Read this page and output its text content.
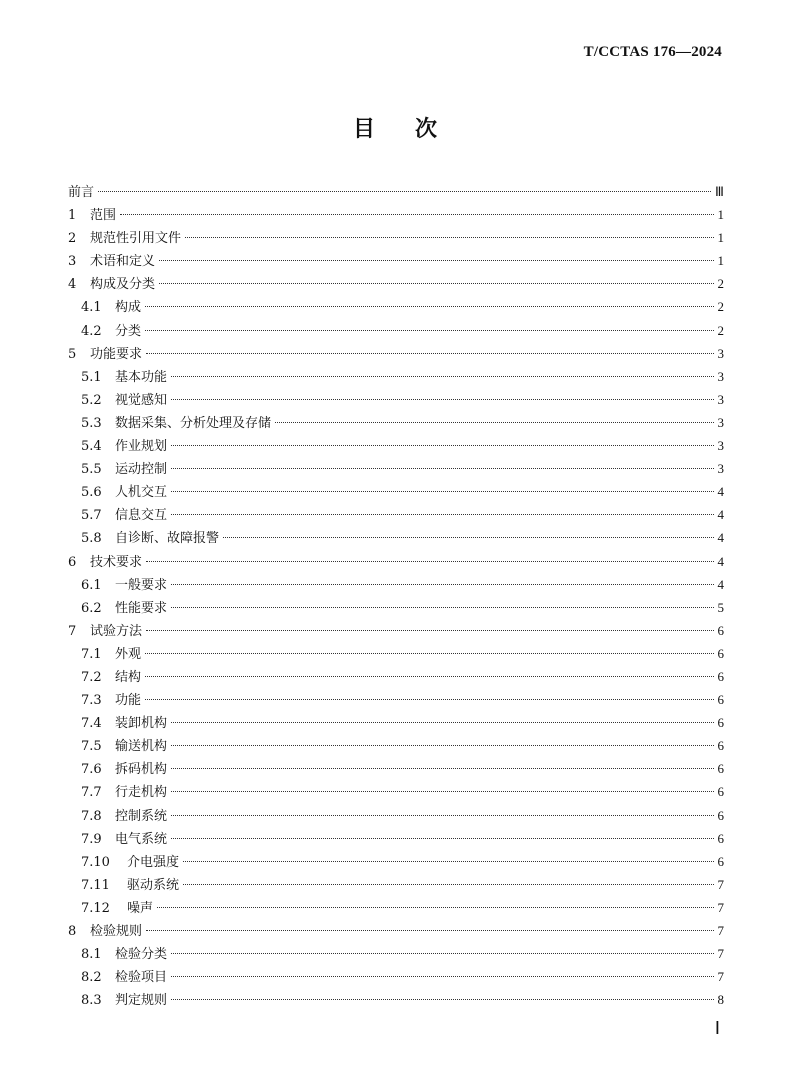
T/CCTAS 176—2024
目 次
前言	Ⅲ
1	范围	1
2	规范性引用文件	1
3	术语和定义	1
4	构成及分类	2
4.1	构成	2
4.2	分类	2
5	功能要求	3
5.1	基本功能	3
5.2	视觉感知	3
5.3	数据采集、分析处理及存储	3
5.4	作业规划	3
5.5	运动控制	3
5.6	人机交互	4
5.7	信息交互	4
5.8	自诊断、故障报警	4
6	技术要求	4
6.1	一般要求	4
6.2	性能要求	5
7	试验方法	6
7.1	外观	6
7.2	结构	6
7.3	功能	6
7.4	装卸机构	6
7.5	输送机构	6
7.6	拆码机构	6
7.7	行走机构	6
7.8	控制系统	6
7.9	电气系统	6
7.10	介电强度	6
7.11	驱动系统	7
7.12	噪声	7
8	检验规则	7
8.1	检验分类	7
8.2	检验项目	7
8.3	判定规则	8
Ⅰ
